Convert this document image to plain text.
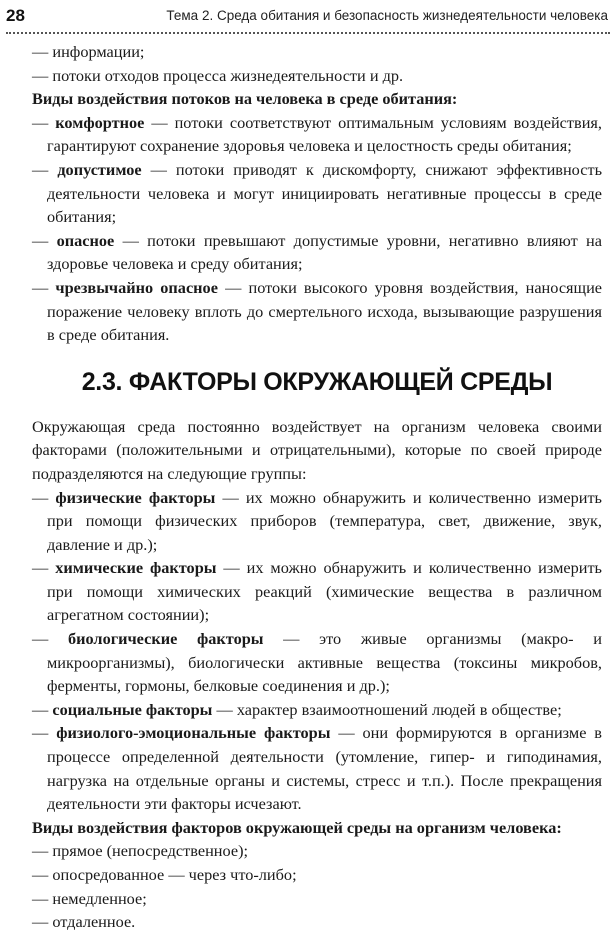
28	Тема 2. Среда обитания и безопасность жизнедеятельности человека
— информации;
— потоки отходов процесса жизнедеятельности и др.
Виды воздействия потоков на человека в среде обитания:
— комфортное — потоки соответствуют оптимальным условиям воздействия, гарантируют сохранение здоровья человека и целостность среды обитания;
— допустимое — потоки приводят к дискомфорту, снижают эффективность деятельности человека и могут инициировать негативные процессы в среде обитания;
— опасное — потоки превышают допустимые уровни, негативно влияют на здоровье человека и среду обитания;
— чрезвычайно опасное — потоки высокого уровня воздействия, наносящие поражение человеку вплоть до смертельного исхода, вызывающие разрушения в среде обитания.
2.3. ФАКТОРЫ ОКРУЖАЮЩЕЙ СРЕДЫ
Окружающая среда постоянно воздействует на организм человека своими факторами (положительными и отрицательными), которые по своей природе подразделяются на следующие группы:
— физические факторы — их можно обнаружить и количественно измерить при помощи физических приборов (температура, свет, движение, звук, давление и др.);
— химические факторы — их можно обнаружить и количественно измерить при помощи химических реакций (химические вещества в различном агрегатном состоянии);
— биологические факторы — это живые организмы (макро- и микроорганизмы), биологически активные вещества (токсины микробов, ферменты, гормоны, белковые соединения и др.);
— социальные факторы — характер взаимоотношений людей в обществе;
— физиолого-эмоциональные факторы — они формируются в организме в процессе определенной деятельности (утомление, гипер- и гиподинамия, нагрузка на отдельные органы и системы, стресс и т.п.). После прекращения деятельности эти факторы исчезают.
Виды воздействия факторов окружающей среды на организм человека:
— прямое (непосредственное);
— опосредованное — через что-либо;
— немедленное;
— отдаленное.
